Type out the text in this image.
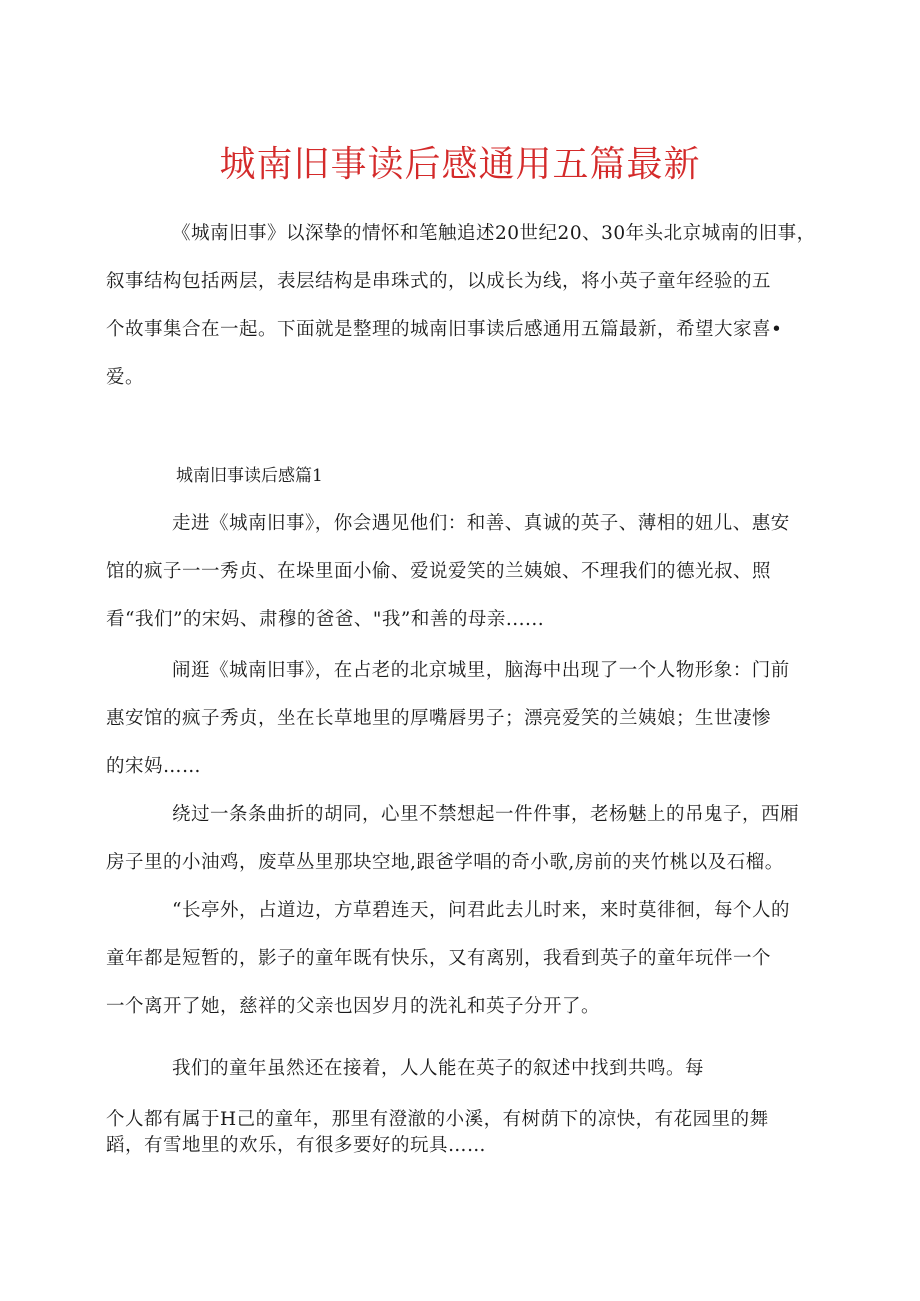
城南旧事读后感通用五篇最新
《城南旧事》以深挚的情怀和笔触追述20世纪20、30年头北京城南的旧事，
叙事结构包括两层，表层结构是串珠式的，以成长为线，将小英子童年经验的五
个故事集合在一起。下面就是整理的城南旧事读后感通用五篇最新，希望大家喜•
爱。
城南旧事读后感篇1
走进《城南旧事》，你会遇见他们：和善、真诚的英子、薄相的妞儿、惠安
馆的疯子一一秀贞、在垛里面小偷、爱说爱笑的兰姨娘、不理我们的德光叔、照
看“我们”的宋妈、肃穆的爸爸、"我”和善的母亲......
闹逛《城南旧事》，在占老的北京城里，脑海中出现了一个人物形象：门前
惠安馆的疯子秀贞，坐在长草地里的厚嘴唇男子；漂亮爱笑的兰姨娘；生世凄惨
的宋妈……
绕过一条条曲折的胡同，心里不禁想起一件件事，老杨魅上的吊鬼子，西厢
房子里的小油鸡，废草丛里那块空地,跟爸学唱的奇小歌,房前的夹竹桃以及石榴。
“长亭外，占道边，方草碧连天，问君此去儿时来，来时莫徘徊，每个人的
童年都是短暂的，影子的童年既有快乐，又有离别，我看到英子的童年玩伴一个
一个离开了她，慈祥的父亲也因岁月的洗礼和英子分开了。
我们的童年虽然还在接着，人人能在英子的叙述中找到共鸣。每
个人都有属于H己的童年，那里有澄澈的小溪，有树荫下的凉快，有花园里的舞
蹈，有雪地里的欢乐，有很多要好的玩具……
